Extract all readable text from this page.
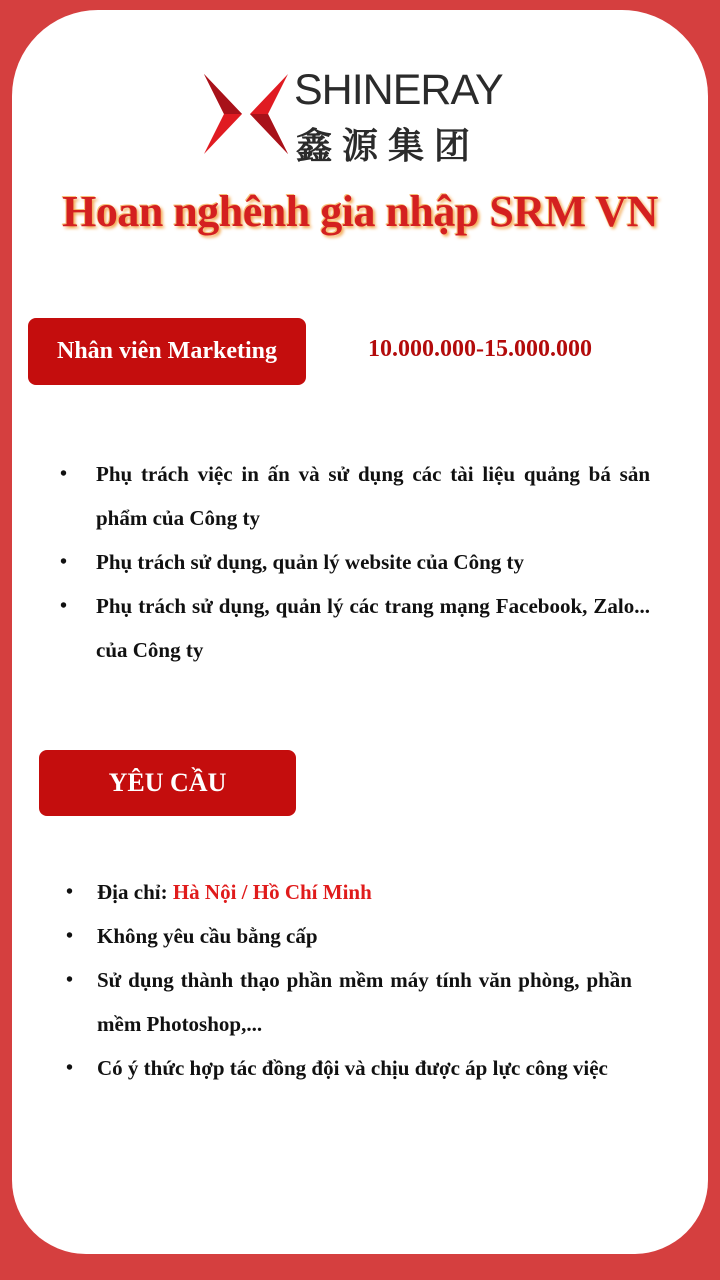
SHINERAY
鑫源集团
Hoan nghênh gia nhập SRM VN
Nhân viên Marketing	10.000.000-15.000.000
• Phụ trách việc in ấn và sử dụng các tài liệu quảng bá sản phẩm của Công ty
• Phụ trách sử dụng, quản lý website của Công ty
• Phụ trách sử dụng, quản lý các trang mạng Facebook, Zalo... của Công ty
YÊU CẦU
• Địa chỉ: Hà Nội / Hồ Chí Minh
• Không yêu cầu bằng cấp
• Sử dụng thành thạo phần mềm máy tính văn phòng, phần mềm Photoshop,...
• Có ý thức hợp tác đồng đội và chịu được áp lực công việc
